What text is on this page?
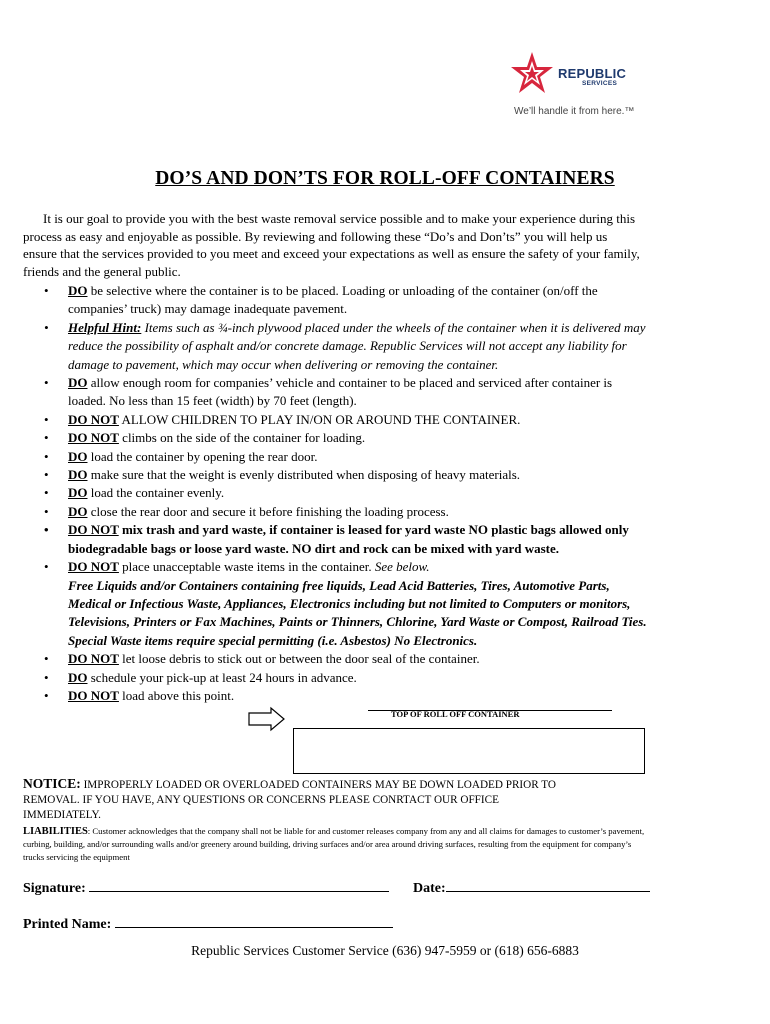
REPUBLIC
SERVICES
We’ll handle it from here.™
DO’S AND DON’TS FOR ROLL-OFF CONTAINERS

It is our goal to provide you with the best waste removal service possible and to make your experience during this
process as easy and enjoyable as possible. By reviewing and following these “Do’s and Don’ts” you will help us
ensure that the services provided to you meet and exceed your expectations as well as ensure the safety of your family,
friends and the general public.

• DO be selective where the container is to be placed. Loading or unloading of the container (on/off the
companies’ truck) may damage inadequate pavement.
• Helpful Hint: Items such as ¾-inch plywood placed under the wheels of the container when it is delivered may
reduce the possibility of asphalt and/or concrete damage. Republic Services will not accept any liability for
damage to pavement, which may occur when delivering or removing the container.
• DO allow enough room for companies’ vehicle and container to be placed and serviced after container is
loaded. No less than 15 feet (width) by 70 feet (length).
• DO NOT ALLOW CHILDREN TO PLAY IN/ON OR AROUND THE CONTAINER.
• DO NOT climbs on the side of the container for loading.
• DO load the container by opening the rear door.
• DO make sure that the weight is evenly distributed when disposing of heavy materials.
• DO load the container evenly.
• DO close the rear door and secure it before finishing the loading process.
• DO NOT mix trash and yard waste, if container is leased for yard waste NO plastic bags allowed only
biodegradable bags or loose yard waste. NO dirt and rock can be mixed with yard waste.
• DO NOT place unacceptable waste items in the container. See below.
Free Liquids and/or Containers containing free liquids, Lead Acid Batteries, Tires, Automotive Parts,
Medical or Infectious Waste, Appliances, Electronics including but not limited to Computers or monitors,
Televisions, Printers or Fax Machines, Paints or Thinners, Chlorine, Yard Waste or Compost, Railroad Ties.
Special Waste items require special permitting (i.e. Asbestos) No Electronics.
• DO NOT let loose debris to stick out or between the door seal of the container.
• DO schedule your pick-up at least 24 hours in advance.
• DO NOT load above this point.
TOP OF ROLL OFF CONTAINER

NOTICE: IMPROPERLY LOADED OR OVERLOADED CONTAINERS MAY BE DOWN LOADED PRIOR TO
REMOVAL. IF YOU HAVE, ANY QUESTIONS OR CONCERNS PLEASE CONRTACT OUR OFFICE
IMMEDIATELY.

LIABILITIES: Customer acknowledges that the company shall not be liable for and customer releases company from any and all claims for damages to customer’s pavement,
curbing, building, and/or surrounding walls and/or greenery around building, driving surfaces and/or area around driving surfaces, resulting from the equipment for company’s
trucks servicing the equipment

Signature:	Date:
Printed Name:
Republic Services Customer Service (636) 947-5959 or (618) 656-6883
